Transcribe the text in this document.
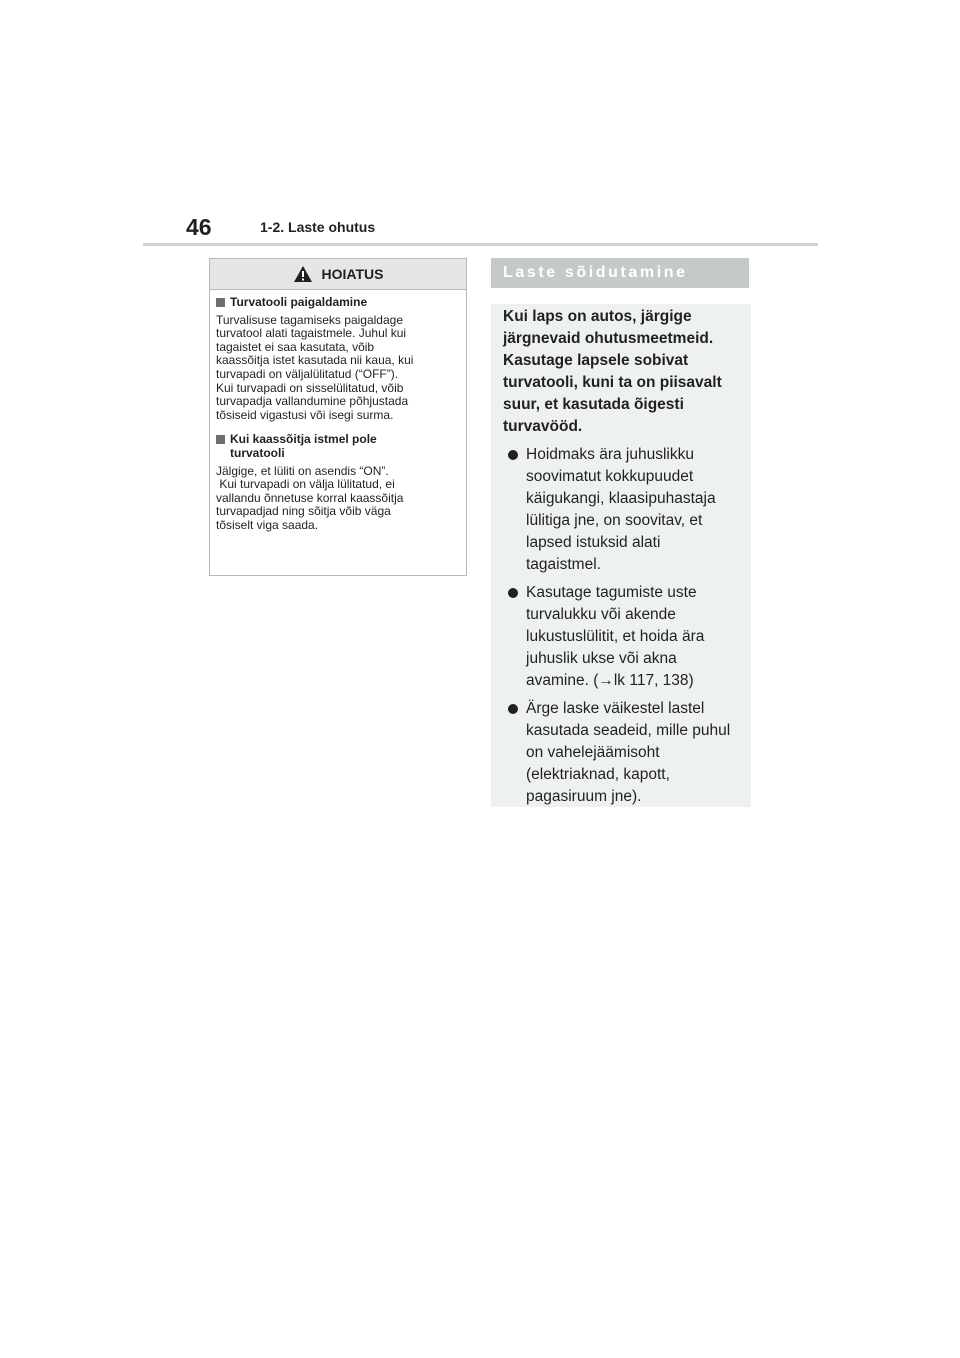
46	1-2. Laste ohutus
HOIATUS
Turvatooli paigaldamine
Turvalisuse tagamiseks paigaldage
turvatool alati tagaistmele. Juhul kui
tagaistet ei saa kasutata, võib
kaassõitja istet kasutada nii kaua, kui
turvapadi on väljalülitatud (“OFF”).
Kui turvapadi on sisselülitatud, võib
turvapadja vallandumine põhjustada
tõsiseid vigastusi või isegi surma.
Kui kaassõitja istmel pole
turvatooli
Jälgige, et lüliti on asendis “ON”.
Kui turvapadi on välja lülitatud, ei
vallandu õnnetuse korral kaassõitja
turvapadjad ning sõitja võib väga
tõsiselt viga saada.
Laste sõidutamine
Kui laps on autos, järgige
järgnevaid ohutusmeetmeid.
Kasutage lapsele sobivat
turvatooli, kuni ta on piisavalt
suur, et kasutada õigesti
turvavööd.
Hoidmaks ära juhuslikku
soovimatut kokkupuudet
käigukangi, klaasipuhastaja
lülitiga jne, on soovitav, et
lapsed istuksid alati
tagaistmel.
Kasutage tagumiste uste
turvalukku või akende
lukustuslülitit, et hoida ära
juhuslik ukse või akna
avamine. (→lk 117, 138)
Ärge laske väikestel lastel
kasutada seadeid, mille puhul
on vahelejäämisoht
(elektriaknad, kapott,
pagasiruum jne).
